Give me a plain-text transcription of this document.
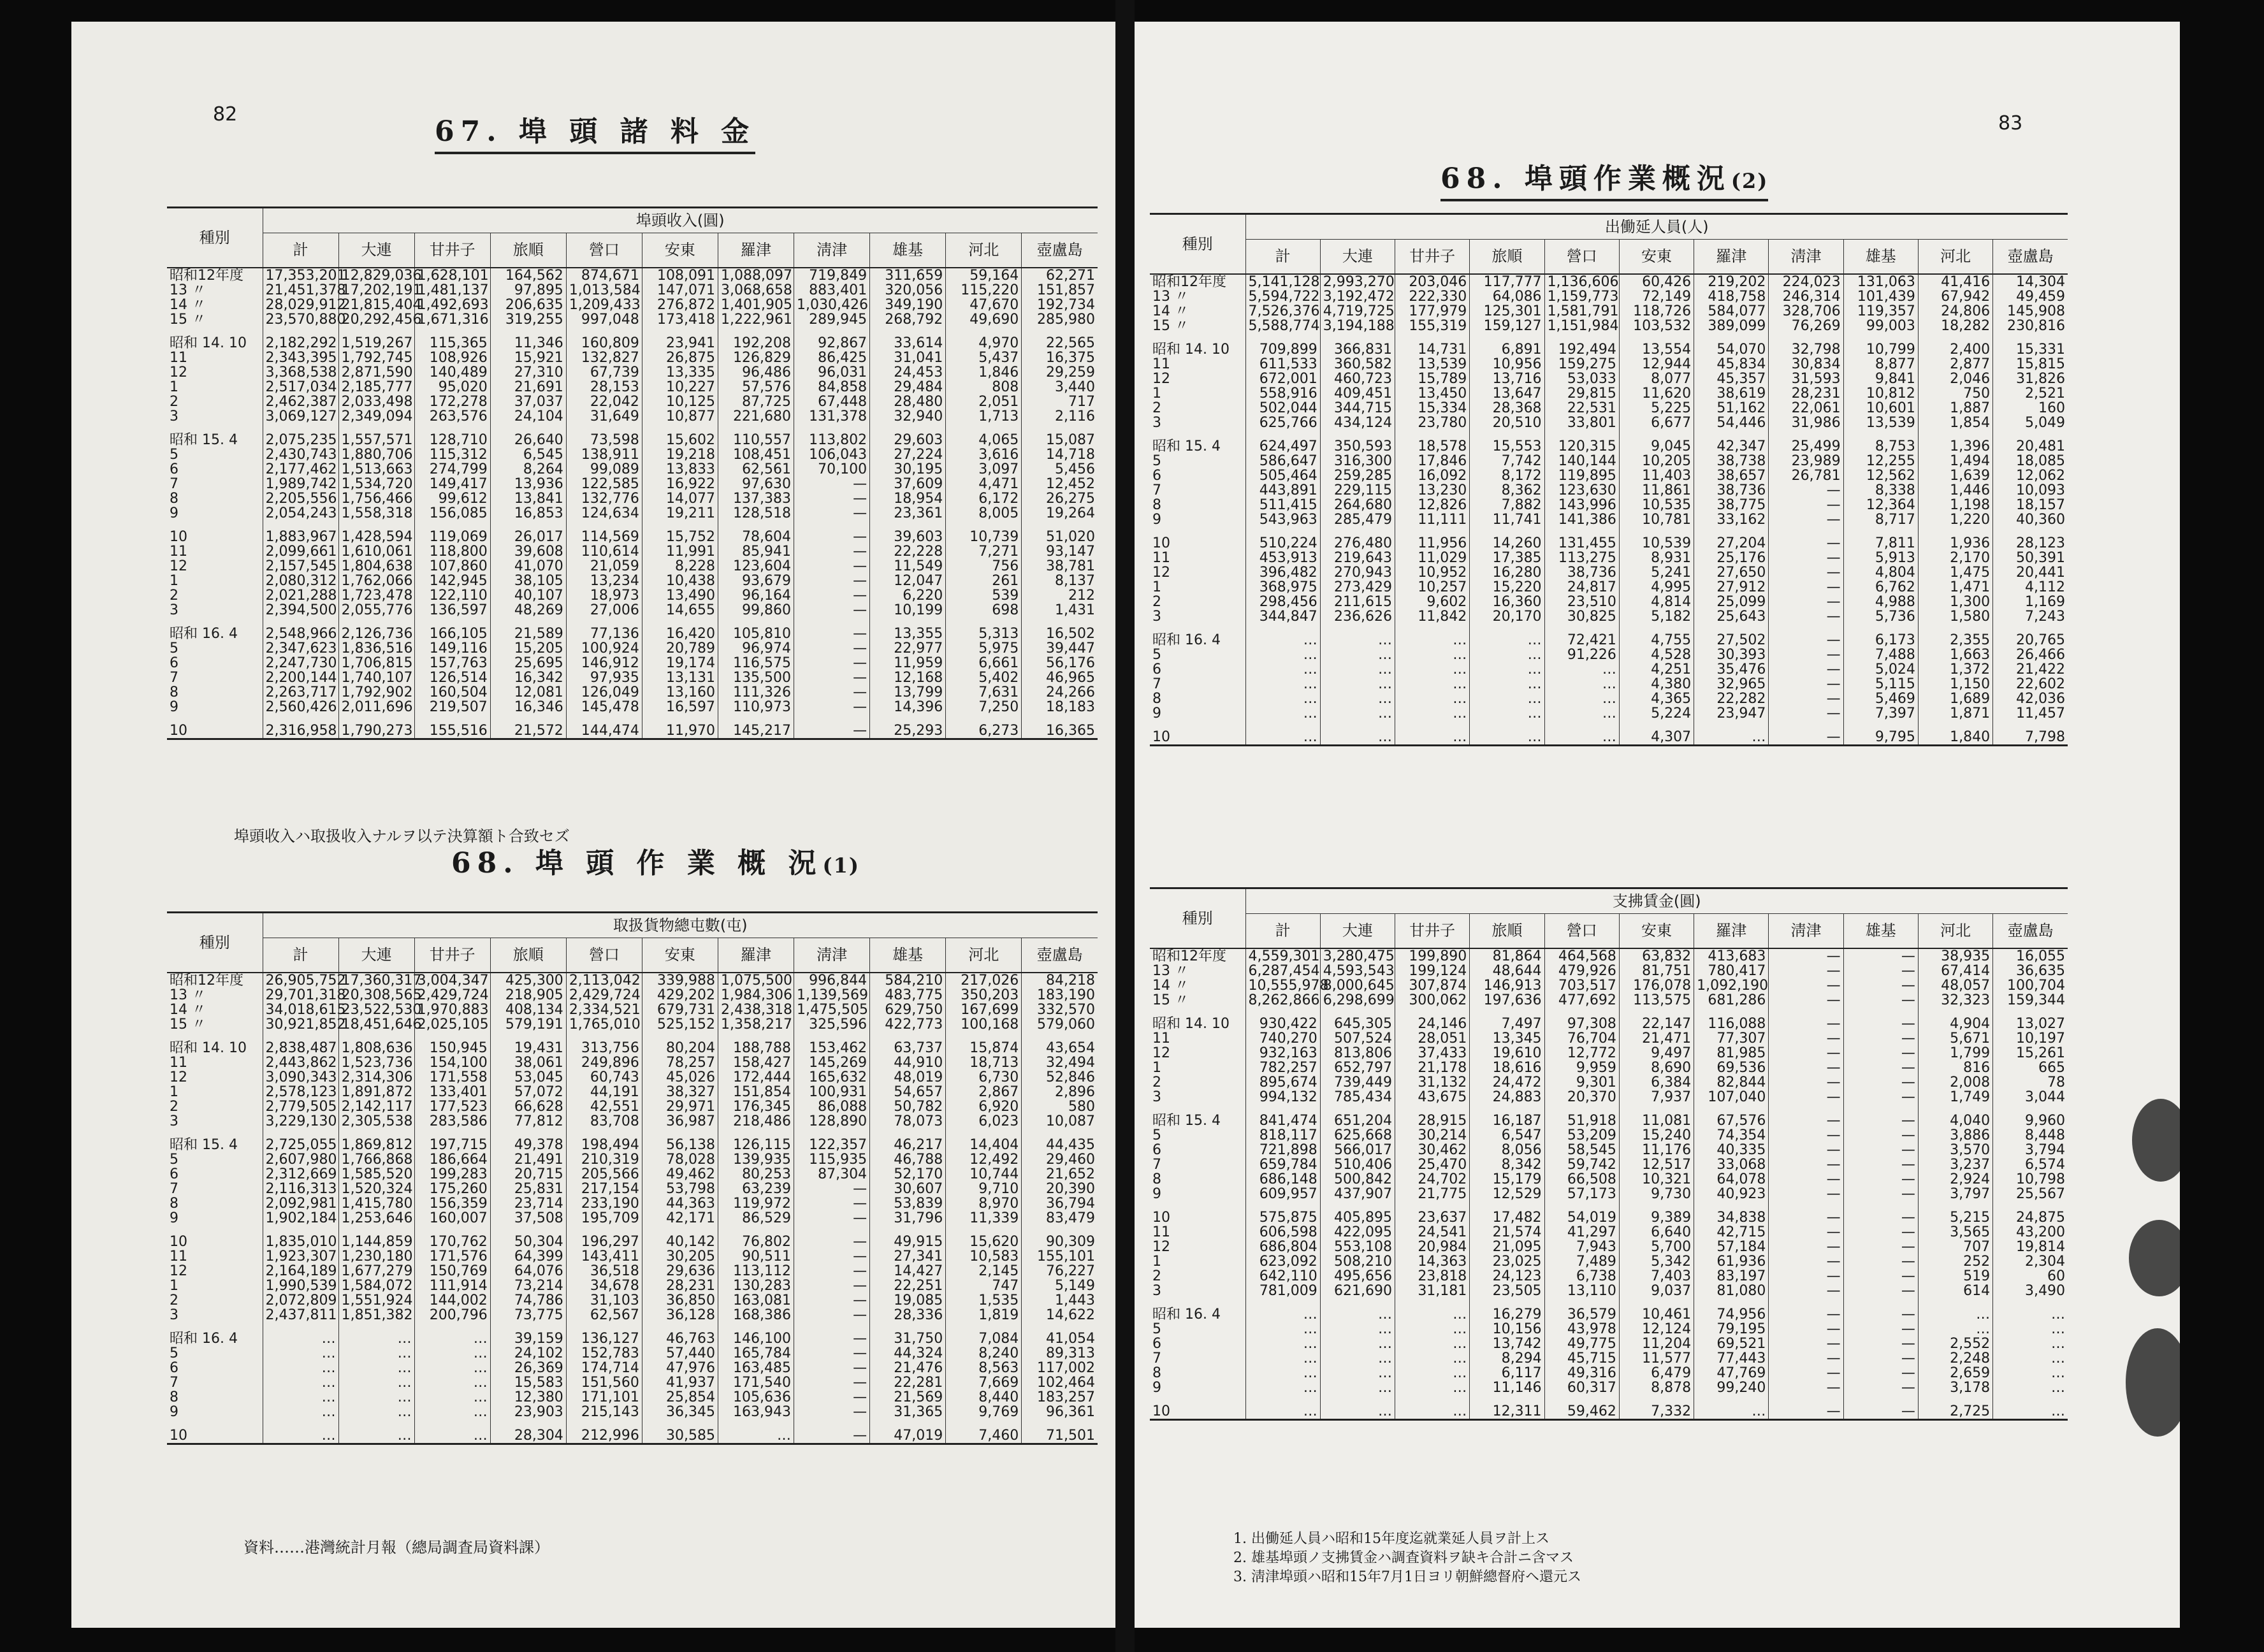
82
67. 埠 頭 諸 料 金
種別	埠頭收入(圓)										
	計	大連	甘井子	旅順	營口	安東	羅津	淸津	雄基	河北	壺盧島
昭和12年度	17,353,201	12,829,036	1,628,101	164,562	874,671	108,091	1,088,097	719,849	311,659	59,164	62,271
13 〃	21,451,378	17,202,191	1,481,137	97,895	1,013,584	147,071	3,068,658	883,401	320,056	115,220	151,857
14 〃	28,029,912	21,815,404	1,492,693	206,635	1,209,433	276,872	1,401,905	1,030,426	349,190	47,670	192,734
15 〃	23,570,880	20,292,456	1,671,316	319,255	997,048	173,418	1,222,961	289,945	268,792	49,690	285,980

昭和 14. 10	2,182,292	1,519,267	115,365	11,346	160,809	23,941	192,208	92,867	33,614	4,970	22,565
11	2,343,395	1,792,745	108,926	15,921	132,827	26,875	126,829	86,425	31,041	5,437	16,375
12	3,368,538	2,871,590	140,489	27,310	67,739	13,335	96,486	96,031	24,453	1,846	29,259
1	2,517,034	2,185,777	95,020	21,691	28,153	10,227	57,576	84,858	29,484	808	3,440
2	2,462,387	2,033,498	172,278	37,037	22,042	10,125	87,725	67,448	28,480	2,051	717
3	3,069,127	2,349,094	263,576	24,104	31,649	10,877	221,680	131,378	32,940	1,713	2,116

昭和 15. 4	2,075,235	1,557,571	128,710	26,640	73,598	15,602	110,557	113,802	29,603	4,065	15,087
5	2,430,743	1,880,706	115,312	6,545	138,911	19,218	108,451	106,043	27,224	3,616	14,718
6	2,177,462	1,513,663	274,799	8,264	99,089	13,833	62,561	70,100	30,195	3,097	5,456
7	1,989,742	1,534,720	149,417	13,936	122,585	16,922	97,630	—	37,609	4,471	12,452
8	2,205,556	1,756,466	99,612	13,841	132,776	14,077	137,383	—	18,954	6,172	26,275
9	2,054,243	1,558,318	156,085	16,853	124,634	19,211	128,518	—	23,361	8,005	19,264

10	1,883,967	1,428,594	119,069	26,017	114,569	15,752	78,604	—	39,603	10,739	51,020
11	2,099,661	1,610,061	118,800	39,608	110,614	11,991	85,941	—	22,228	7,271	93,147
12	2,157,545	1,804,638	107,860	41,070	21,059	8,228	123,604	—	11,549	756	38,781
1	2,080,312	1,762,066	142,945	38,105	13,234	10,438	93,679	—	12,047	261	8,137
2	2,021,288	1,723,478	122,110	40,107	18,973	13,490	96,164	—	6,220	539	212
3	2,394,500	2,055,776	136,597	48,269	27,006	14,655	99,860	—	10,199	698	1,431

昭和 16. 4	2,548,966	2,126,736	166,105	21,589	77,136	16,420	105,810	—	13,355	5,313	16,502
5	2,347,623	1,836,516	149,116	15,205	100,924	20,789	96,974	—	22,977	5,975	39,447
6	2,247,730	1,706,815	157,763	25,695	146,912	19,174	116,575	—	11,959	6,661	56,176
7	2,200,144	1,740,107	126,514	16,342	97,935	13,131	135,500	—	12,168	5,402	46,965
8	2,263,717	1,792,902	160,504	12,081	126,049	13,160	111,326	—	13,799	7,631	24,266
9	2,560,426	2,011,696	219,507	16,346	145,478	16,597	110,973	—	14,396	7,250	18,183

10	2,316,958	1,790,273	155,516	21,572	144,474	11,970	145,217	—	25,293	6,273	16,365
埠頭收入ハ取扱收入ナルヲ以テ決算額ト合致セズ
68. 埠 頭 作 業 概 況(1)
種別	取扱貨物總屯數(屯)										
	計	大連	甘井子	旅順	營口	安東	羅津	淸津	雄基	河北	壺盧島
昭和12年度	26,905,752	17,360,317	3,004,347	425,300	2,113,042	339,988	1,075,500	996,844	584,210	217,026	84,218
13 〃	29,701,318	20,308,565	2,429,724	218,905	2,429,724	429,202	1,984,306	1,139,569	483,775	350,203	183,190
14 〃	34,018,615	23,522,530	1,970,883	408,134	2,334,521	679,731	2,438,318	1,475,505	629,750	167,699	332,570
15 〃	30,921,852	18,451,646	2,025,105	579,191	1,765,010	525,152	1,358,217	325,596	422,773	100,168	579,060

昭和 14. 10	2,838,487	1,808,636	150,945	19,431	313,756	80,204	188,788	153,462	63,737	15,874	43,654
11	2,443,862	1,523,736	154,100	38,061	249,896	78,257	158,427	145,269	44,910	18,713	32,494
12	3,090,343	2,314,306	171,558	53,045	60,743	45,026	172,444	165,632	48,019	6,730	52,846
1	2,578,123	1,891,872	133,401	57,072	44,191	38,327	151,854	100,931	54,657	2,867	2,896
2	2,779,505	2,142,117	177,523	66,628	42,551	29,971	176,345	86,088	50,782	6,920	580
3	3,229,130	2,305,538	283,586	77,812	83,708	36,987	218,486	128,890	78,073	6,023	10,087

昭和 15. 4	2,725,055	1,869,812	197,715	49,378	198,494	56,138	126,115	122,357	46,217	14,404	44,435
5	2,607,980	1,766,868	186,664	21,491	210,319	78,028	139,935	115,935	46,788	12,492	29,460
6	2,312,669	1,585,520	199,283	20,715	205,566	49,462	80,253	87,304	52,170	10,744	21,652
7	2,116,313	1,520,324	175,260	25,831	217,154	53,798	63,239	—	30,607	9,710	20,390
8	2,092,981	1,415,780	156,359	23,714	233,190	44,363	119,972	—	53,839	8,970	36,794
9	1,902,184	1,253,646	160,007	37,508	195,709	42,171	86,529	—	31,796	11,339	83,479

10	1,835,010	1,144,859	170,762	50,304	196,297	40,142	76,802	—	49,915	15,620	90,309
11	1,923,307	1,230,180	171,576	64,399	143,411	30,205	90,511	—	27,341	10,583	155,101
12	2,164,189	1,677,279	150,769	64,076	36,518	29,636	113,112	—	14,427	2,145	76,227
1	1,990,539	1,584,072	111,914	73,214	34,678	28,231	130,283	—	22,251	747	5,149
2	2,072,809	1,551,924	144,002	74,786	31,103	36,850	163,081	—	19,085	1,535	1,443
3	2,437,811	1,851,382	200,796	73,775	62,567	36,128	168,386	—	28,336	1,819	14,622

昭和 16. 4	…	…	…	39,159	136,127	46,763	146,100	—	31,750	7,084	41,054
5	…	…	…	24,102	152,783	57,440	165,784	—	44,324	8,240	89,313
6	…	…	…	26,369	174,714	47,976	163,485	—	21,476	8,563	117,002
7	…	…	…	15,583	151,560	41,937	171,540	—	22,281	7,669	102,464
8	…	…	…	12,380	171,101	25,854	105,636	—	21,569	8,440	183,257
9	…	…	…	23,903	215,143	36,345	163,943	—	31,365	9,769	96,361

10	…	…	…	28,304	212,996	30,585	…	—	47,019	7,460	71,501
資料……港灣統計月報（總局調査局資料課）
83
68. 埠頭作業概況(2)
種別	出働延人員(人)										
	計	大連	甘井子	旅順	營口	安東	羅津	淸津	雄基	河北	壺盧島
昭和12年度	5,141,128	2,993,270	203,046	117,777	1,136,606	60,426	219,202	224,023	131,063	41,416	14,304
13 〃	5,594,722	3,192,472	222,330	64,086	1,159,773	72,149	418,758	246,314	101,439	67,942	49,459
14 〃	7,526,376	4,719,725	177,979	125,301	1,581,791	118,726	584,077	328,706	119,357	24,806	145,908
15 〃	5,588,774	3,194,188	155,319	159,127	1,151,984	103,532	389,099	76,269	99,003	18,282	230,816

昭和 14. 10	709,899	366,831	14,731	6,891	192,494	13,554	54,070	32,798	10,799	2,400	15,331
11	611,533	360,582	13,539	10,956	159,275	12,944	45,834	30,834	8,877	2,877	15,815
12	672,001	460,723	15,789	13,716	53,033	8,077	45,357	31,593	9,841	2,046	31,826
1	558,916	409,451	13,450	13,647	29,815	11,620	38,619	28,231	10,812	750	2,521
2	502,044	344,715	15,334	28,368	22,531	5,225	51,162	22,061	10,601	1,887	160
3	625,766	434,124	23,780	20,510	33,801	6,677	54,446	31,986	13,539	1,854	5,049

昭和 15. 4	624,497	350,593	18,578	15,553	120,315	9,045	42,347	25,499	8,753	1,396	20,481
5	586,647	316,300	17,846	7,742	140,144	10,205	38,738	23,989	12,255	1,494	18,085
6	505,464	259,285	16,092	8,172	119,895	11,403	38,657	26,781	12,562	1,639	12,062
7	443,891	229,115	13,230	8,362	123,630	11,861	38,736	—	8,338	1,446	10,093
8	511,415	264,680	12,826	7,882	143,996	10,535	38,775	—	12,364	1,198	18,157
9	543,963	285,479	11,111	11,741	141,386	10,781	33,162	—	8,717	1,220	40,360

10	510,224	276,480	11,956	14,260	131,455	10,539	27,204	—	7,811	1,936	28,123
11	453,913	219,643	11,029	17,385	113,275	8,931	25,176	—	5,913	2,170	50,391
12	396,482	270,943	10,952	16,280	38,736	5,241	27,650	—	4,804	1,475	20,441
1	368,975	273,429	10,257	15,220	24,817	4,995	27,912	—	6,762	1,471	4,112
2	298,456	211,615	9,602	16,360	23,510	4,814	25,099	—	4,988	1,300	1,169
3	344,847	236,626	11,842	20,170	30,825	5,182	25,643	—	5,736	1,580	7,243

昭和 16. 4	…	…	…	…	72,421	4,755	27,502	—	6,173	2,355	20,765
5	…	…	…	…	91,226	4,528	30,393	—	7,488	1,663	26,466
6	…	…	…	…	…	4,251	35,476	—	5,024	1,372	21,422
7	…	…	…	…	…	4,380	32,965	—	5,115	1,150	22,602
8	…	…	…	…	…	4,365	22,282	—	5,469	1,689	42,036
9	…	…	…	…	…	5,224	23,947	—	7,397	1,871	11,457

10	…	…	…	…	…	4,307	…	—	9,795	1,840	7,798
種別	支拂賃金(圓)										
	計	大連	甘井子	旅順	營口	安東	羅津	淸津	雄基	河北	壺盧島
昭和12年度	4,559,301	3,280,475	199,890	81,864	464,568	63,832	413,683	—	—	38,935	16,055
13 〃	6,287,454	4,593,543	199,124	48,644	479,926	81,751	780,417	—	—	67,414	36,635
14 〃	10,555,978	8,000,645	307,874	146,913	703,517	176,078	1,092,190	—	—	48,057	100,704
15 〃	8,262,866	6,298,699	300,062	197,636	477,692	113,575	681,286	—	—	32,323	159,344

昭和 14. 10	930,422	645,305	24,146	7,497	97,308	22,147	116,088	—	—	4,904	13,027
11	740,270	507,524	28,051	13,345	76,704	21,471	77,307	—	—	5,671	10,197
12	932,163	813,806	37,433	19,610	12,772	9,497	81,985	—	—	1,799	15,261
1	782,257	652,797	21,178	18,616	9,959	8,690	69,536	—	—	816	665
2	895,674	739,449	31,132	24,472	9,301	6,384	82,844	—	—	2,008	78
3	994,132	785,434	43,675	24,883	20,370	7,937	107,040	—	—	1,749	3,044

昭和 15. 4	841,474	651,204	28,915	16,187	51,918	11,081	67,576	—	—	4,040	9,960
5	818,117	625,668	30,214	6,547	53,209	15,240	74,354	—	—	3,886	8,448
6	721,898	566,017	30,462	8,056	58,545	11,176	40,335	—	—	3,570	3,794
7	659,784	510,406	25,470	8,342	59,742	12,517	33,068	—	—	3,237	6,574
8	686,148	500,842	24,702	15,179	66,508	10,321	64,078	—	—	2,924	10,798
9	609,957	437,907	21,775	12,529	57,173	9,730	40,923	—	—	3,797	25,567

10	575,875	405,895	23,637	17,482	54,019	9,389	34,838	—	—	5,215	24,875
11	606,598	422,095	24,541	21,574	41,297	6,640	42,715	—	—	3,565	43,200
12	686,804	553,108	20,984	21,095	7,943	5,700	57,184	—	—	707	19,814
1	623,092	508,210	14,363	23,025	7,489	5,342	61,936	—	—	252	2,304
2	642,110	495,656	23,818	24,123	6,738	7,403	83,197	—	—	519	60
3	781,009	621,690	31,181	23,505	13,110	9,037	81,080	—	—	614	3,490

昭和 16. 4	…	…	…	16,279	36,579	10,461	74,956	—	—	…	…
5	…	…	…	10,156	43,978	12,124	79,195	—	—	…	…
6	…	…	…	13,742	49,775	11,204	69,521	—	—	2,552	…
7	…	…	…	8,294	45,715	11,577	77,443	—	—	2,248	…
8	…	…	…	6,117	49,316	6,479	47,769	—	—	2,659	…
9	…	…	…	11,146	60,317	8,878	99,240	—	—	3,178	…

10	…	…	…	12,311	59,462	7,332	…	—	—	2,725	…
1. 出働延人員ハ昭和15年度迄就業延人員ヲ計上ス
2. 雄基埠頭ノ支拂賃金ハ調査資料ヲ缺キ合計ニ含マス
3. 淸津埠頭ハ昭和15年7月1日ヨリ朝鮮總督府ヘ還元ス
